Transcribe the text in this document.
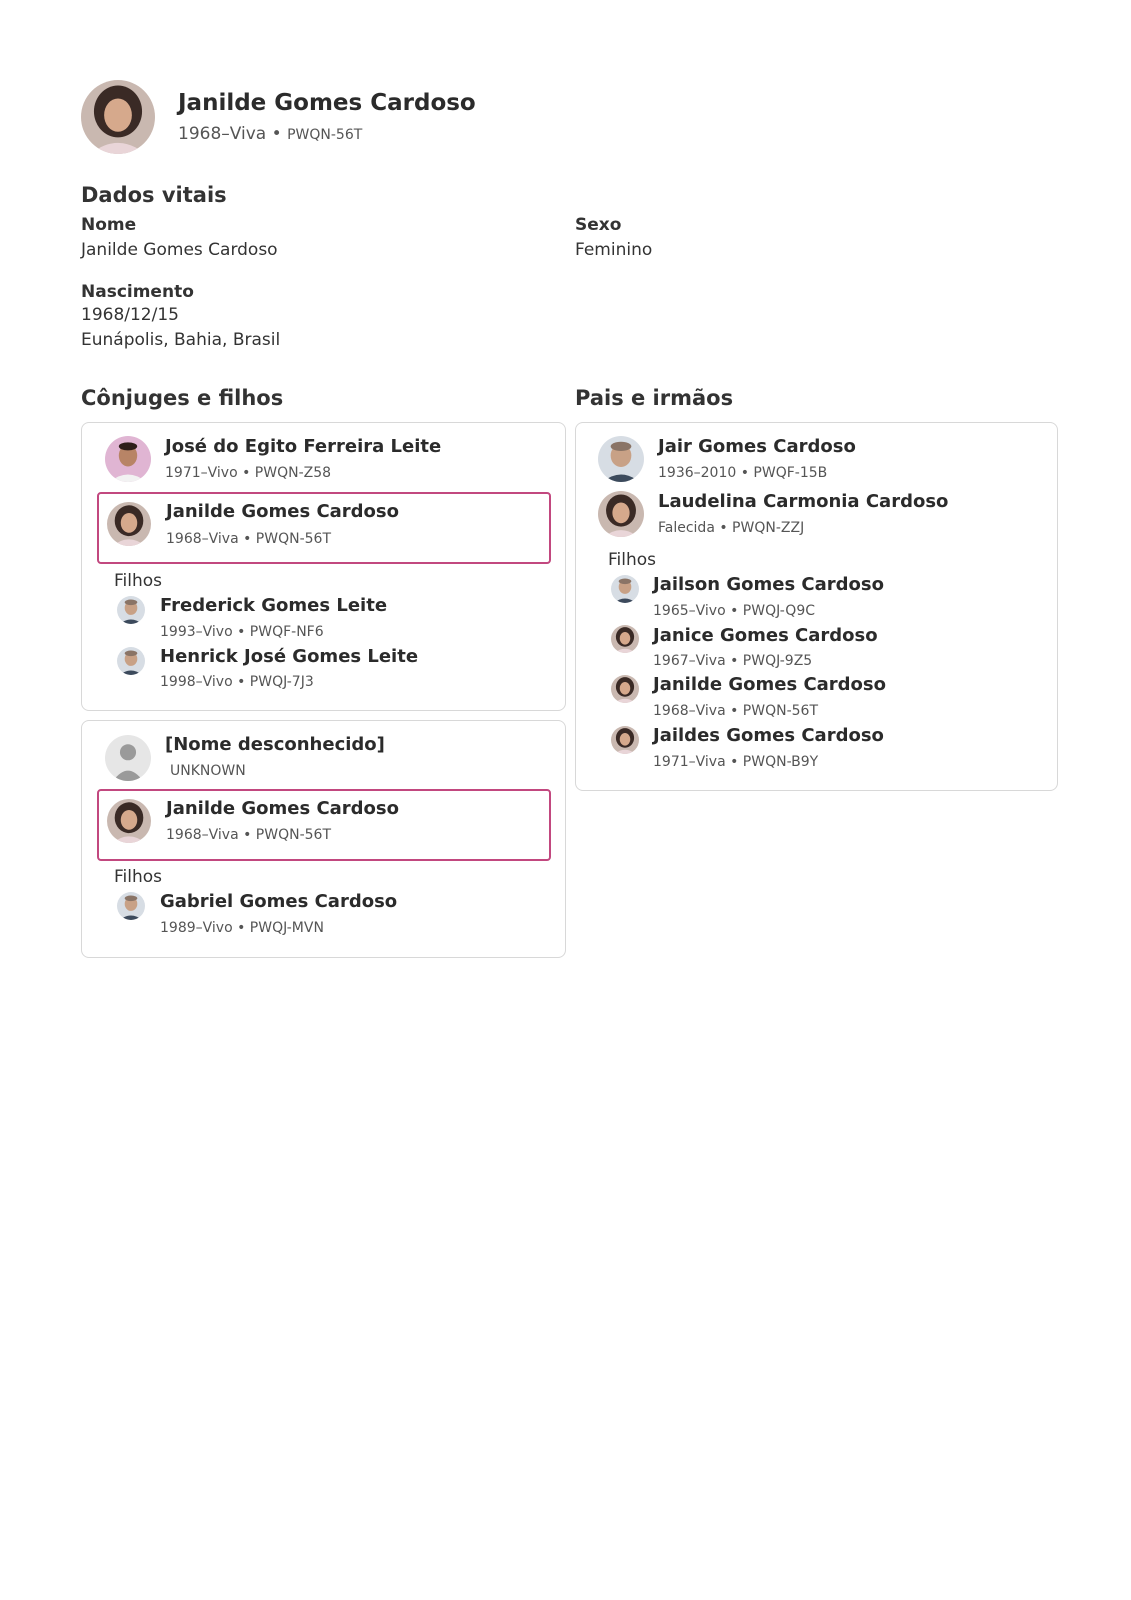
Janilde Gomes Cardoso
1968–Viva • PWQN-56T
Dados vitais
Nome
Janilde Gomes Cardoso
Sexo
Feminino
Nascimento
1968/12/15
Eunápolis, Bahia, Brasil
Cônjuges e filhos
José do Egito Ferreira Leite
1971–Vivo • PWQN-Z58
Janilde Gomes Cardoso
1968–Viva • PWQN-56T
Filhos
Frederick Gomes Leite
1993–Vivo • PWQF-NF6
Henrick José Gomes Leite
1998–Vivo • PWQJ-7J3
[Nome desconhecido]
UNKNOWN
Janilde Gomes Cardoso
1968–Viva • PWQN-56T
Filhos
Gabriel Gomes Cardoso
1989–Vivo • PWQJ-MVN
Pais e irmãos
Jair Gomes Cardoso
1936–2010 • PWQF-15B
Laudelina Carmonia Cardoso
Falecida • PWQN-ZZJ
Filhos
Jailson Gomes Cardoso
1965–Vivo • PWQJ-Q9C
Janice Gomes Cardoso
1967–Viva • PWQJ-9Z5
Janilde Gomes Cardoso
1968–Viva • PWQN-56T
Jaildes Gomes Cardoso
1971–Viva • PWQN-B9Y
